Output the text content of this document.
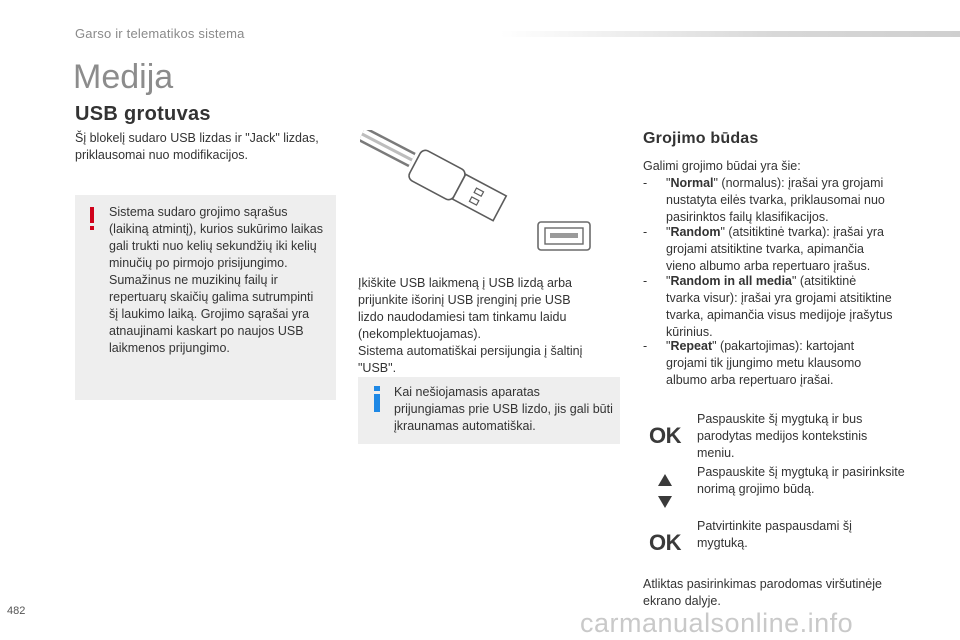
Garso ir telematikos sistema
Medija
USB grotuvas
Šį blokelį sudaro USB lizdas ir "Jack" lizdas, priklausomai nuo modifikacijos.
Sistema sudaro grojimo sąrašus
(laikiną atmintį), kurios sukūrimo laikas
gali trukti nuo kelių sekundžių iki kelių
minučių po pirmojo prisijungimo.
Sumažinus ne muzikinų failų ir
repertuarų skaičių galima sutrumpinti
šį laukimo laiką. Grojimo sąrašai yra
atnaujinami kaskart po naujos USB
laikmenos prijungimo.
Įkiškite USB laikmeną į USB lizdą arba
prijunkite išorinį USB įrenginį prie USB
lizdo naudodamiesi tam tinkamu laidu
(nekomplektuojamas).
Sistema automatiškai persijungia į šaltinį "USB".
Kai nešiojamasis aparatas
prijungiamas prie USB lizdo, jis gali būti
įkraunamas automatiškai.
Grojimo būdas
Galimi grojimo būdai yra šie:
- "Normal" (normalus): įrašai yra grojami
nustatyta eilės tvarka, priklausomai nuo
pasirinktos failų klasifikacijos.
- "Random" (atsitiktinė tvarka): įrašai yra
grojami atsitiktine tvarka, apimančia
vieno albumo arba repertuaro įrašus.
- "Random in all media" (atsitiktinė
tvarka visur): įrašai yra grojami atsitiktine
tvarka, apimančia visus medijoje įrašytus
kūrinius.
- "Repeat" (pakartojimas): kartojant
grojami tik įjungimo metu klausomo
albumo arba repertuaro įrašai.
OK
Paspauskite šį mygtuką ir bus
parodytas medijos kontekstinis
meniu.
Paspauskite šį mygtuką ir pasirinksite
norimą grojimo būdą.
OK
Patvirtinkite paspausdami šį
mygtuką.
Atliktas pasirinkimas parodomas viršutinėje
ekrano dalyje.
482	carmanualsonline.info
